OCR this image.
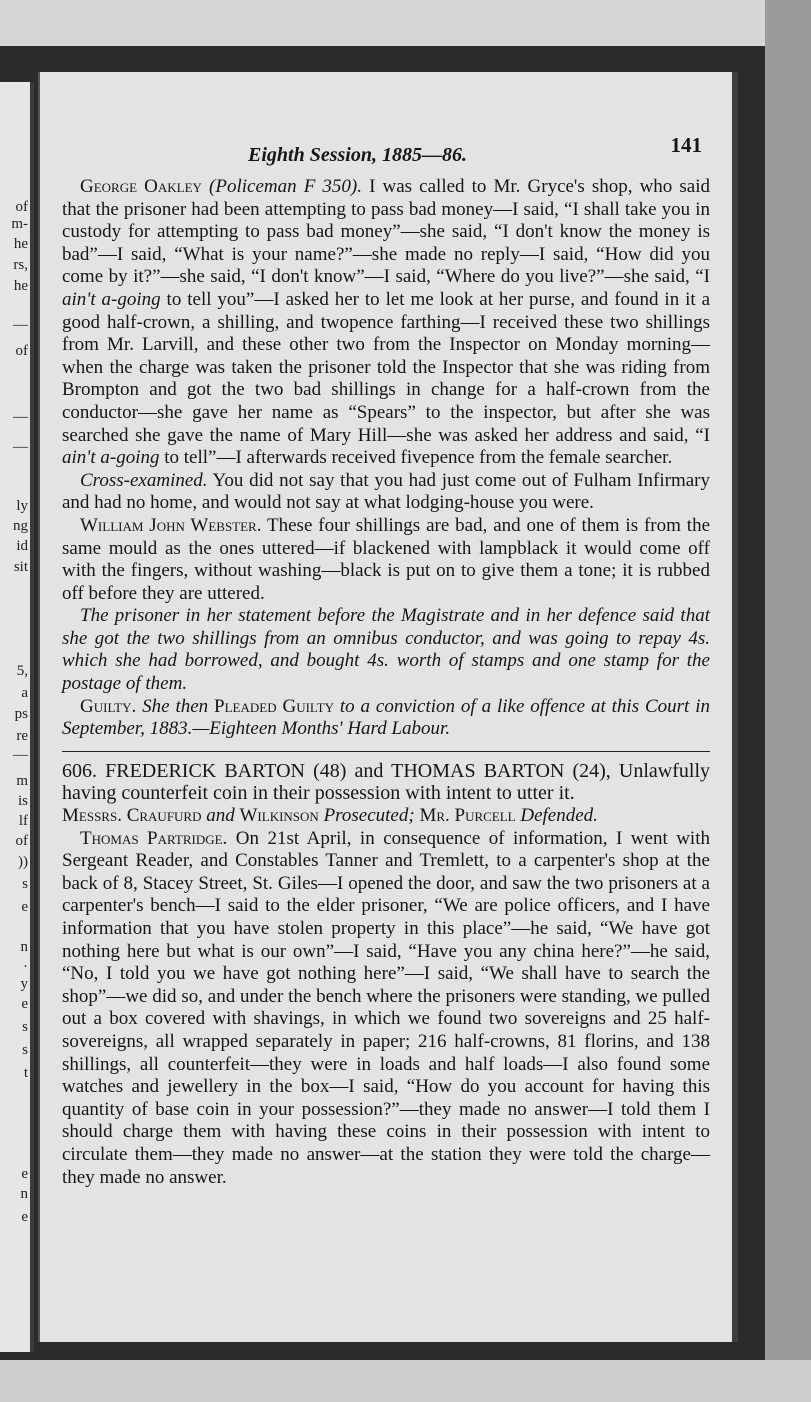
of
m-
he
rs,
he
—
of
—
—
ly
ng
id
sit
5,
a
ps
re
—
m
is
lf
of
))
s
e
n
·
y
e
s
s
t
e
n
e
Eighth Session, 1885—86.	141

George Oakley (Policeman F 350). I was called to Mr. Gryce's shop, who said that the prisoner had been attempting to pass bad money—I said, “I shall take you in custody for attempting to pass bad money”—she said, “I don't know the money is bad”—I said, “What is your name?”—she made no reply—I said, “How did you come by it?”—she said, “I don't know”—I said, “Where do you live?”—she said, “I ain't a-going to tell you”—I asked her to let me look at her purse, and found in it a good half-crown, a shilling, and twopence farthing—I received these two shillings from Mr. Larvill, and these other two from the Inspector on Monday morning—when the charge was taken the prisoner told the Inspector that she was riding from Brompton and got the two bad shillings in change for a half-crown from the conductor—she gave her name as “Spears” to the inspector, but after she was searched she gave the name of Mary Hill—she was asked her address and said, “I ain't a-going to tell”—I afterwards received fivepence from the female searcher.

Cross-examined. You did not say that you had just come out of Fulham Infirmary and had no home, and would not say at what lodging-house you were.

William John Webster. These four shillings are bad, and one of them is from the same mould as the ones uttered—if blackened with lampblack it would come off with the fingers, without washing—black is put on to give them a tone; it is rubbed off before they are uttered.

The prisoner in her statement before the Magistrate and in her defence said that she got the two shillings from an omnibus conductor, and was going to repay 4s. which she had borrowed, and bought 4s. worth of stamps and one stamp for the postage of them.

Guilty. She then Pleaded Guilty to a conviction of a like offence at this Court in September, 1883.—Eighteen Months' Hard Labour.

606. FREDERICK BARTON (48) and THOMAS BARTON (24), Unlawfully having counterfeit coin in their possession with intent to utter it.

Messrs. Craufurd and Wilkinson Prosecuted; Mr. Purcell Defended.

Thomas Partridge. On 21st April, in consequence of information, I went with Sergeant Reader, and Constables Tanner and Tremlett, to a carpenter's shop at the back of 8, Stacey Street, St. Giles—I opened the door, and saw the two prisoners at a carpenter's bench—I said to the elder prisoner, “We are police officers, and I have information that you have stolen property in this place”—he said, “We have got nothing here but what is our own”—I said, “Have you any china here?”—he said, “No, I told you we have got nothing here”—I said, “We shall have to search the shop”—we did so, and under the bench where the prisoners were standing, we pulled out a box covered with shavings, in which we found two sovereigns and 25 half-sovereigns, all wrapped separately in paper; 216 half-crowns, 81 florins, and 138 shillings, all counterfeit—they were in loads and half loads—I also found some watches and jewellery in the box—I said, “How do you account for having this quantity of base coin in your possession?”—they made no answer—I told them I should charge them with having these coins in their possession with intent to circulate them—they made no answer—at the station they were told the charge—they made no answer.
